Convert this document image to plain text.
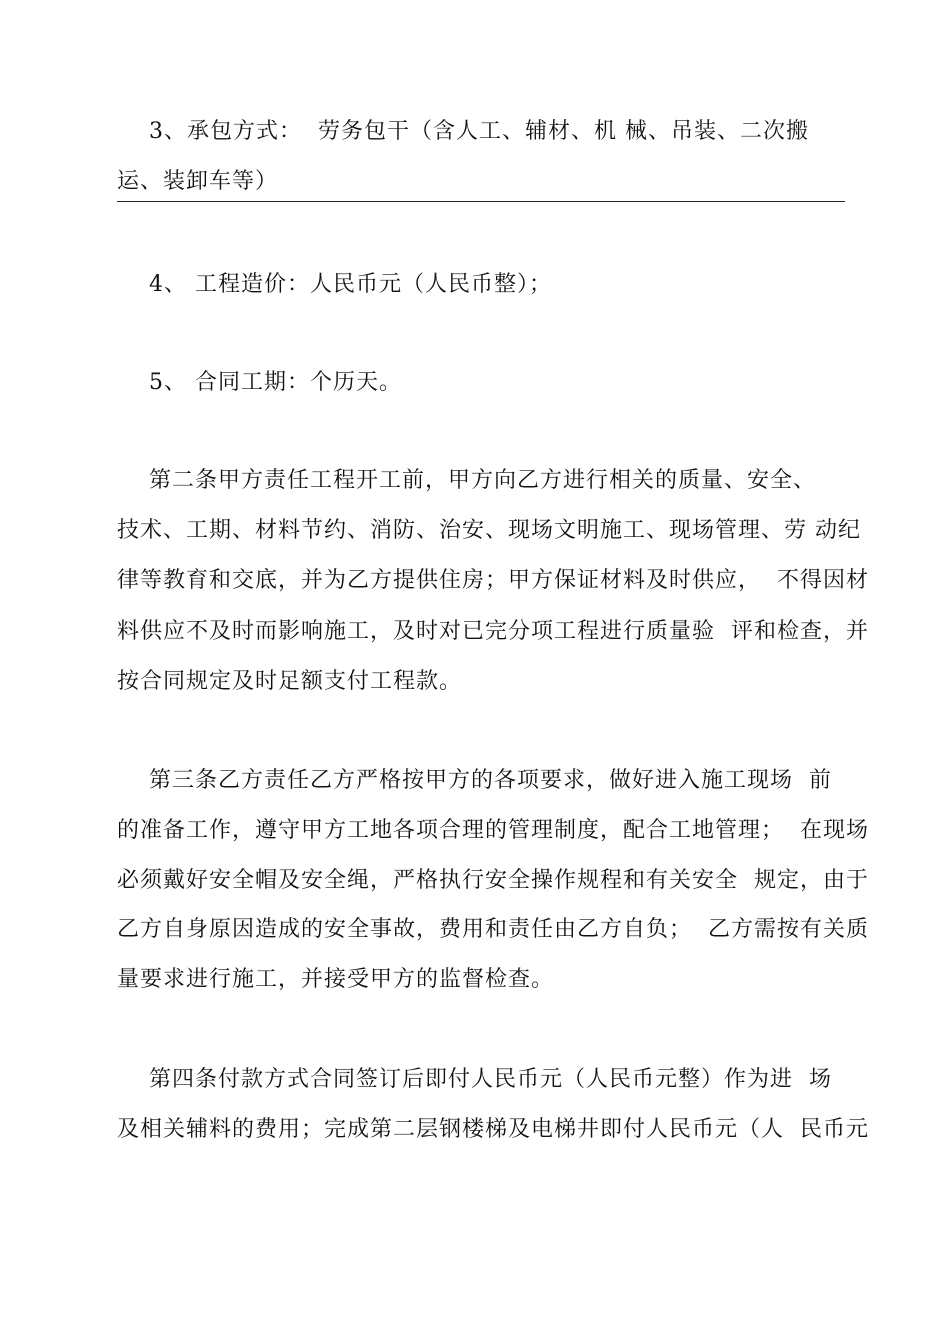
3、承包方式：  劳务包干（含人工、辅材、机 械、吊装、二次搬
运、装卸车等）
4、 工程造价：人民币元（人民币整）；
5、 合同工期：个历天。
第二条甲方责任工程开工前，甲方向乙方进行相关的质量、安全、
技术、工期、材料节约、消防、治安、现场文明施工、现场管理、劳 动纪
律等教育和交底，并为乙方提供住房；甲方保证材料及时供应，  不得因材
料供应不及时而影响施工，及时对已完分项工程进行质量验  评和检查，并
按合同规定及时足额支付工程款。
第三条乙方责任乙方严格按甲方的各项要求，做好进入施工现场  前
的准备工作，遵守甲方工地各项合理的管理制度，配合工地管理；  在现场
必须戴好安全帽及安全绳，严格执行安全操作规程和有关安全  规定，由于
乙方自身原因造成的安全事故，费用和责任由乙方自负；  乙方需按有关质
量要求进行施工，并接受甲方的监督检查。
第四条付款方式合同签订后即付人民币元（人民币元整）作为进  场
及相关辅料的费用；完成第二层钢楼梯及电梯井即付人民币元（人  民币元
